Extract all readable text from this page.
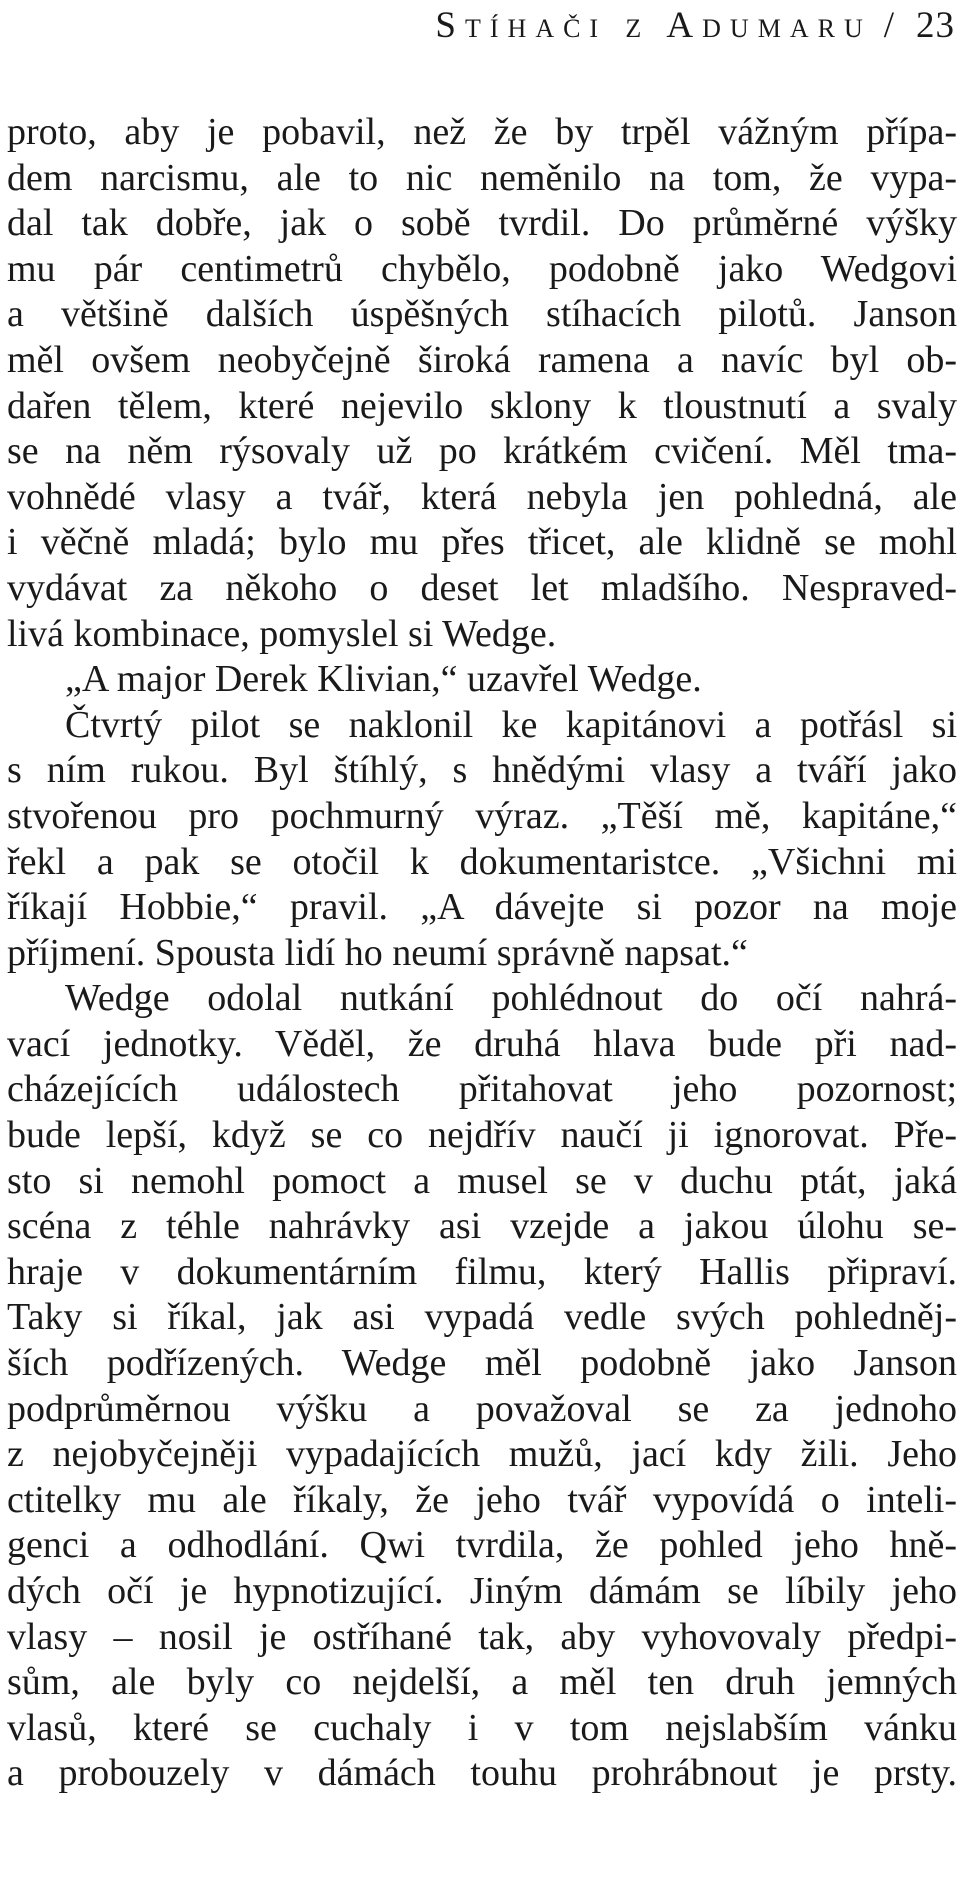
Stíhači z Adumaru / 23
proto, aby je pobavil, než že by trpěl vážným přípa-
dem narcismu, ale to nic neměnilo na tom, že vypa-
dal tak dobře, jak o sobě tvrdil. Do průměrné výšky
mu pár centimetrů chybělo, podobně jako Wedgovi
a většině dalších úspěšných stíhacích pilotů. Janson
měl ovšem neobyčejně široká ramena a navíc byl ob-
dařen tělem, které nejevilo sklony k tloustnutí a svaly
se na něm rýsovaly už po krátkém cvičení. Měl tma-
vohnědé vlasy a tvář, která nebyla jen pohledná, ale
i věčně mladá; bylo mu přes třicet, ale klidně se mohl
vydávat za někoho o deset let mladšího. Nespraved-
livá kombinace, pomyslel si Wedge.
„A major Derek Klivian,“ uzavřel Wedge.
Čtvrtý pilot se naklonil ke kapitánovi a potřásl si
s ním rukou. Byl štíhlý, s hnědými vlasy a tváří jako
stvořenou pro pochmurný výraz. „Těší mě, kapitáne,“
řekl a pak se otočil k dokumentaristce. „Všichni mi
říkají Hobbie,“ pravil. „A dávejte si pozor na moje
příjmení. Spousta lidí ho neumí správně napsat.“
Wedge odolal nutkání pohlédnout do očí nahrá-
vací jednotky. Věděl, že druhá hlava bude při nad-
cházejících událostech přitahovat jeho pozornost;
bude lepší, když se co nejdřív naučí ji ignorovat. Pře-
sto si nemohl pomoct a musel se v duchu ptát, jaká
scéna z téhle nahrávky asi vzejde a jakou úlohu se-
hraje v dokumentárním filmu, který Hallis připraví.
Taky si říkal, jak asi vypadá vedle svých pohledněj-
ších podřízených. Wedge měl podobně jako Janson
podprůměrnou výšku a považoval se za jednoho
z nejobyčejněji vypadajících mužů, jací kdy žili. Jeho
ctitelky mu ale říkaly, že jeho tvář vypovídá o inteli-
genci a odhodlání. Qwi tvrdila, že pohled jeho hně-
dých očí je hypnotizující. Jiným dámám se líbily jeho
vlasy – nosil je ostříhané tak, aby vyhovovaly předpi-
sům, ale byly co nejdelší, a měl ten druh jemných
vlasů, které se cuchaly i v tom nejslabším vánku
a probouzely v dámách touhu prohrábnout je prsty.
